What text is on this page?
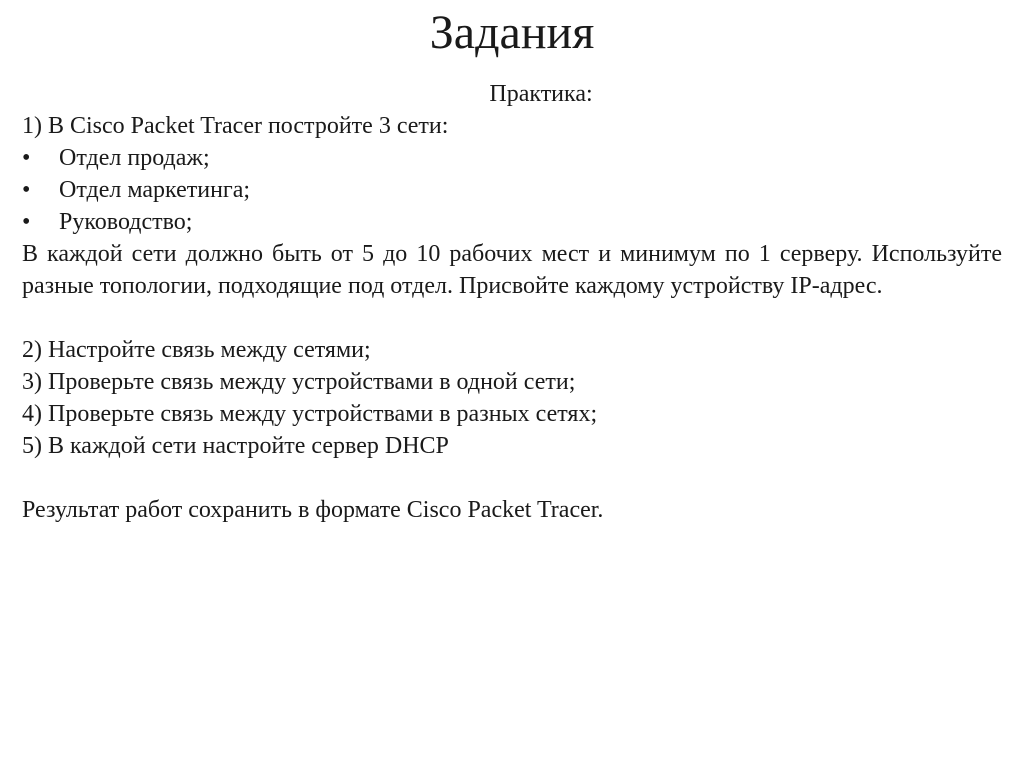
Задания
Практика:
1) В Cisco Packet Tracer постройте 3 сети:
•	Отдел продаж;
•	Отдел маркетинга;
•	Руководство;
В каждой сети должно быть от 5 до 10 рабочих мест и минимум по 1 серверу. Используйте разные топологии, подходящие под отдел. Присвойте каждому устройству IP-адрес.
2) Настройте связь между сетями;
3) Проверьте связь между устройствами в одной сети;
4) Проверьте связь между устройствами в разных сетях;
5) В каждой сети настройте сервер DHCP
Результат работ сохранить в формате Cisco Packet Tracer.
